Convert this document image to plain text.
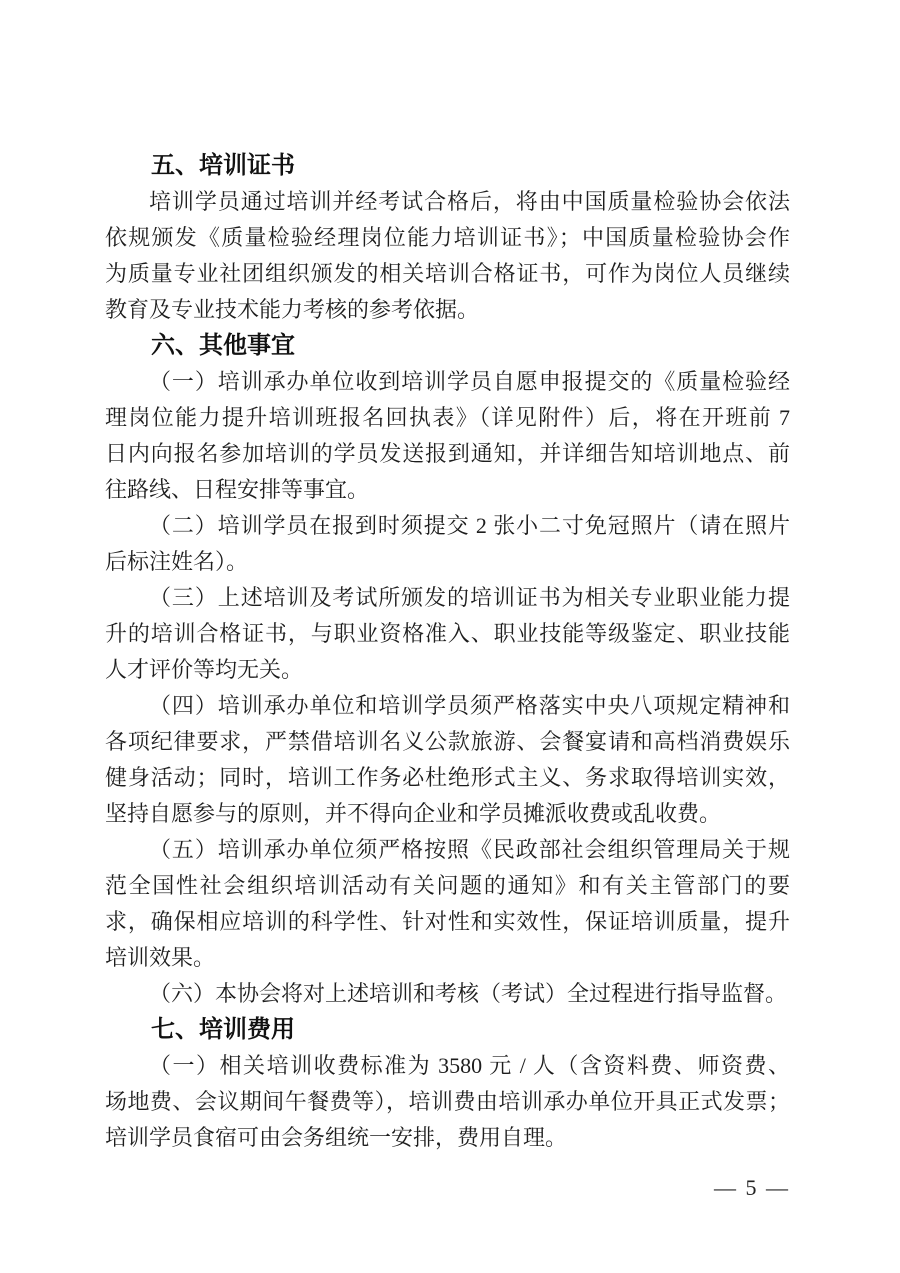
五、培训证书
培训学员通过培训并经考试合格后，将由中国质量检验协会依法
依规颁发《质量检验经理岗位能力培训证书》；中国质量检验协会作
为质量专业社团组织颁发的相关培训合格证书，可作为岗位人员继续
教育及专业技术能力考核的参考依据。
六、其他事宜
（一）培训承办单位收到培训学员自愿申报提交的《质量检验经
理岗位能力提升培训班报名回执表》（详见附件）后，将在开班前 7
日内向报名参加培训的学员发送报到通知，并详细告知培训地点、前
往路线、日程安排等事宜。
（二）培训学员在报到时须提交 2 张小二寸免冠照片（请在照片
后标注姓名）。
（三）上述培训及考试所颁发的培训证书为相关专业职业能力提
升的培训合格证书，与职业资格准入、职业技能等级鉴定、职业技能
人才评价等均无关。
（四）培训承办单位和培训学员须严格落实中央八项规定精神和
各项纪律要求，严禁借培训名义公款旅游、会餐宴请和高档消费娱乐
健身活动；同时，培训工作务必杜绝形式主义、务求取得培训实效，
坚持自愿参与的原则，并不得向企业和学员摊派收费或乱收费。
（五）培训承办单位须严格按照《民政部社会组织管理局关于规
范全国性社会组织培训活动有关问题的通知》和有关主管部门的要
求，确保相应培训的科学性、针对性和实效性，保证培训质量，提升
培训效果。
（六）本协会将对上述培训和考核（考试）全过程进行指导监督。
七、培训费用
（一）相关培训收费标准为 3580 元 / 人（含资料费、师资费、
场地费、会议期间午餐费等），培训费由培训承办单位开具正式发票；
培训学员食宿可由会务组统一安排，费用自理。
— 5 —
